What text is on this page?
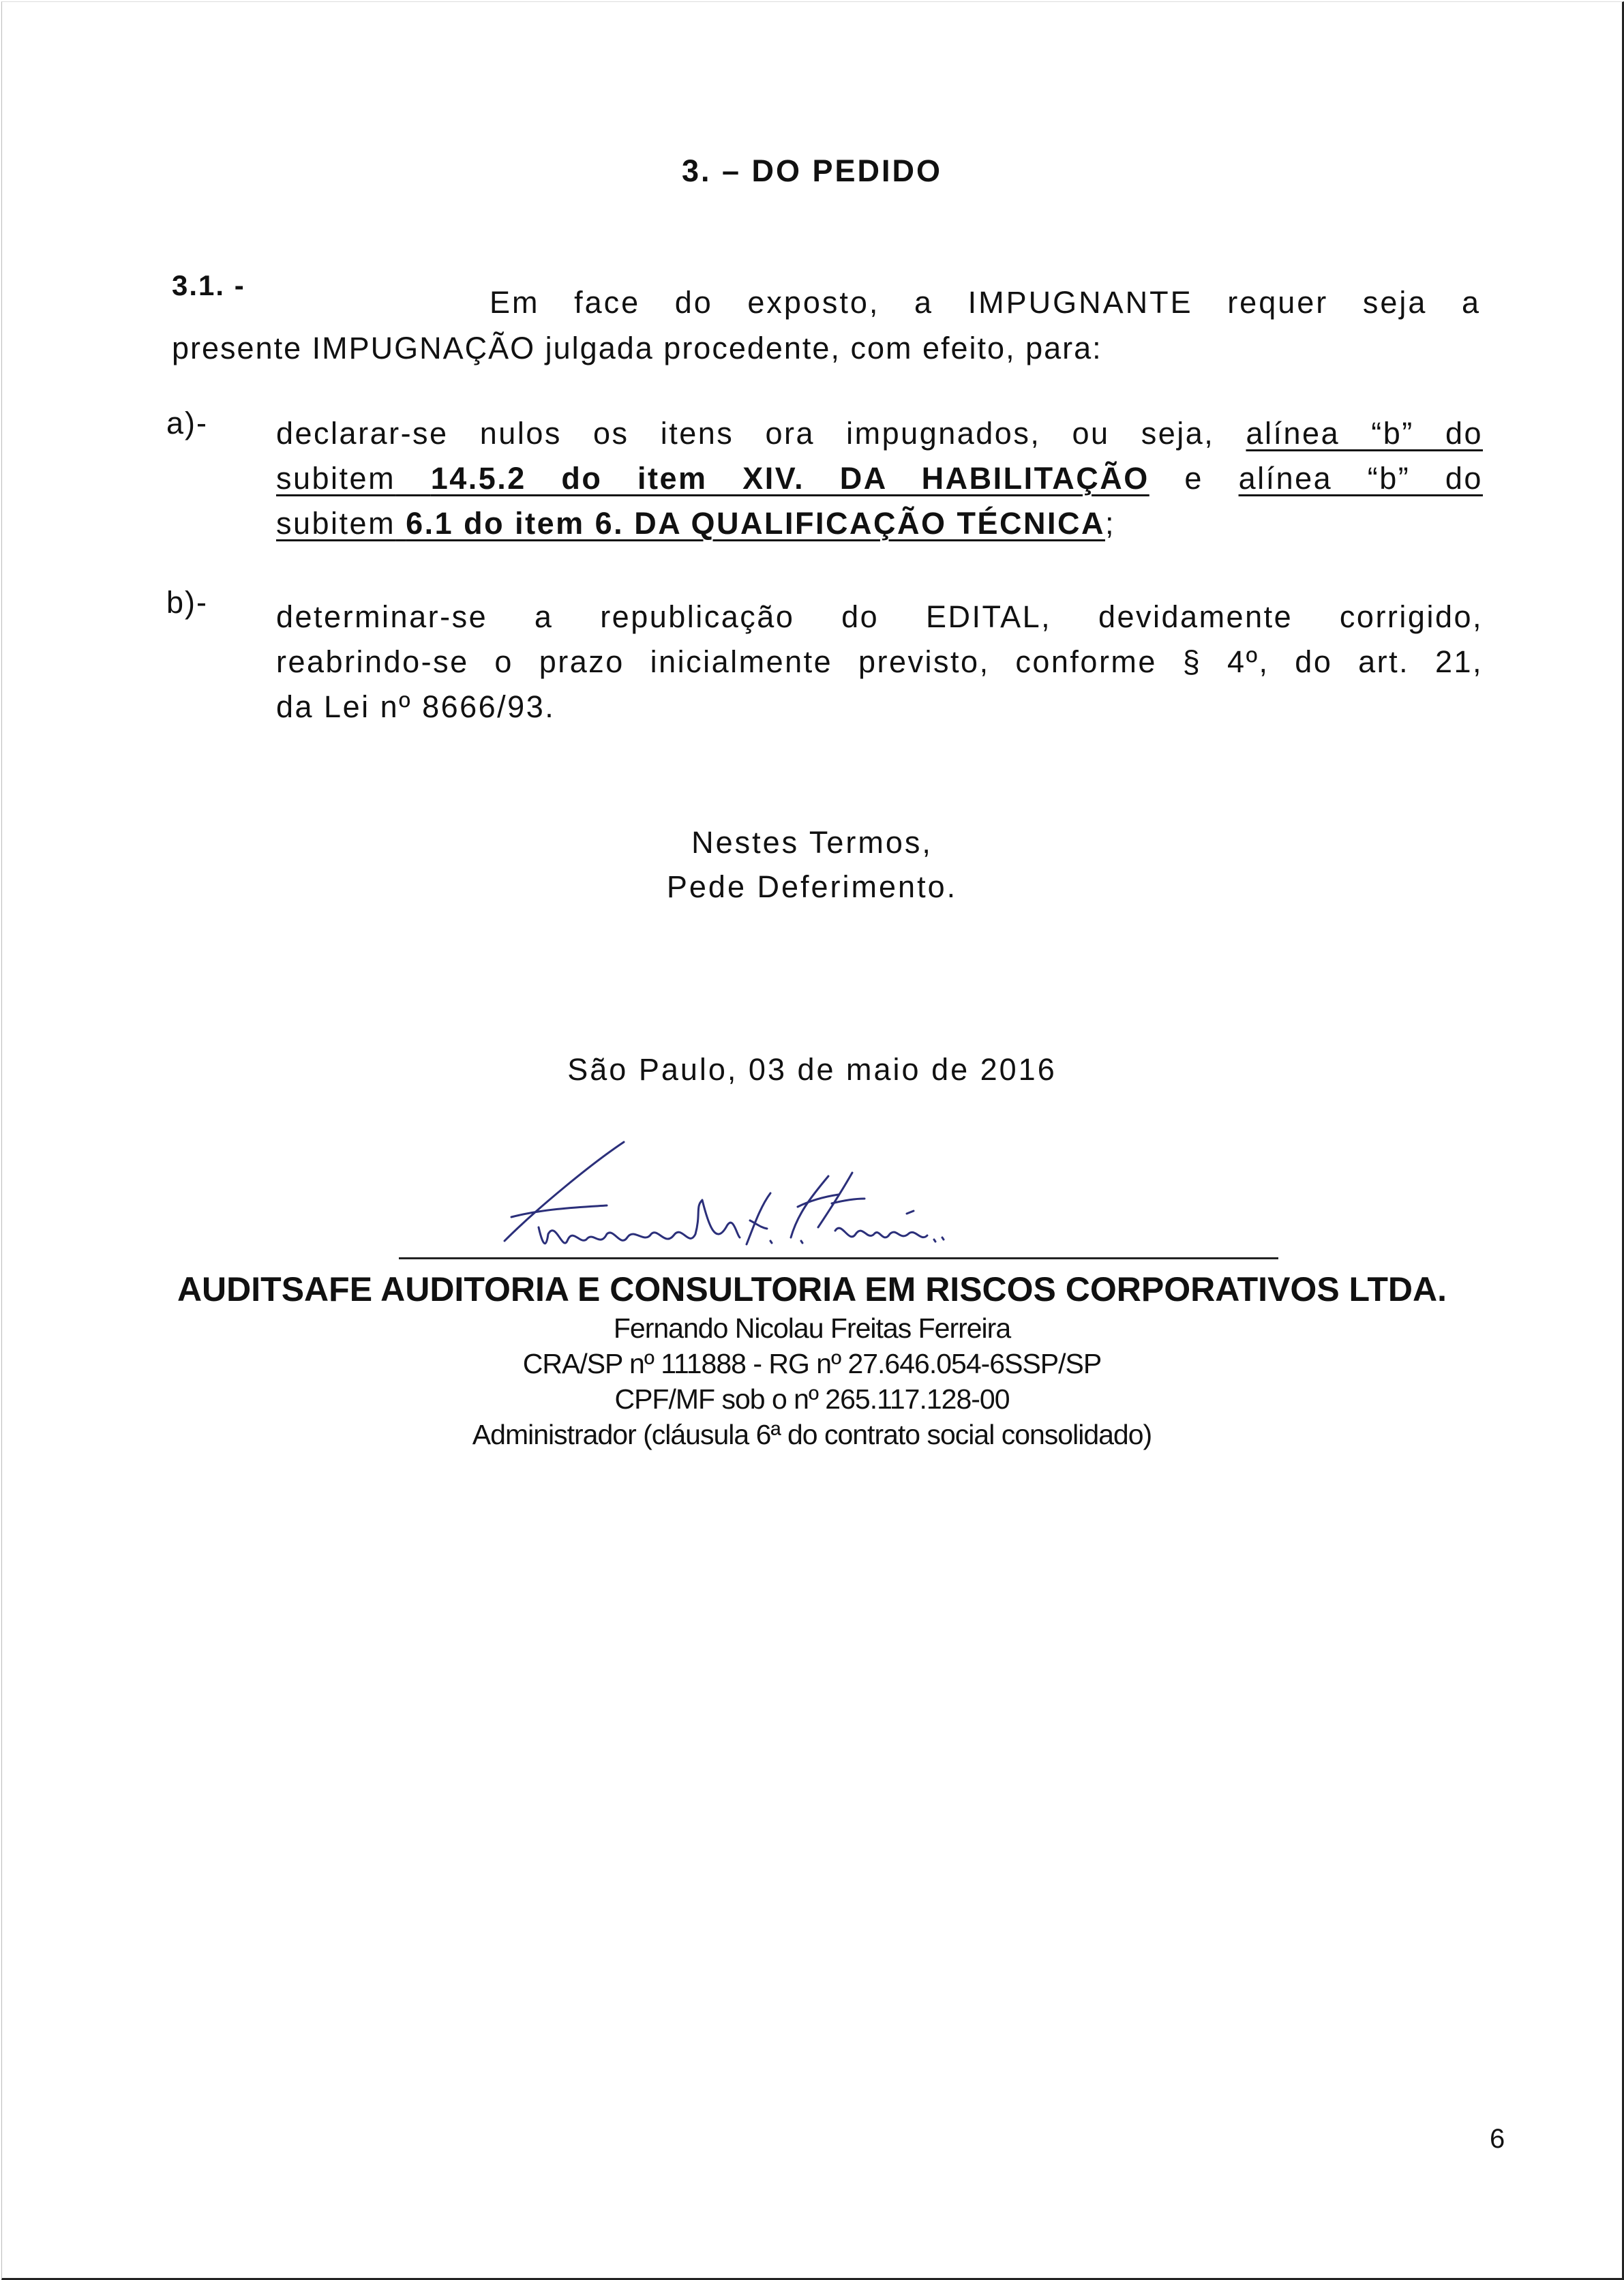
3. – DO PEDIDO
3.1. -	Em face do exposto, a IMPUGNANTE requer seja a
presente IMPUGNAÇÃO julgada procedente, com efeito, para:
a)- declarar-se nulos os itens ora impugnados, ou seja, alínea “b” do
subitem 14.5.2 do item XIV. DA HABILITAÇÃO e alínea “b” do
subitem 6.1 do item 6. DA QUALIFICAÇÃO TÉCNICA;
b)- determinar-se a republicação do EDITAL, devidamente corrigido,
reabrindo-se o prazo inicialmente previsto, conforme § 4º, do art. 21,
da Lei nº 8666/93.
Nestes Termos,
Pede Deferimento.
São Paulo, 03 de maio de 2016
AUDITSAFE AUDITORIA E CONSULTORIA EM RISCOS CORPORATIVOS LTDA.
Fernando Nicolau Freitas Ferreira
CRA/SP nº 111888 - RG nº 27.646.054-6SSP/SP
CPF/MF sob o nº 265.117.128-00
Administrador (cláusula 6ª do contrato social consolidado)
6
